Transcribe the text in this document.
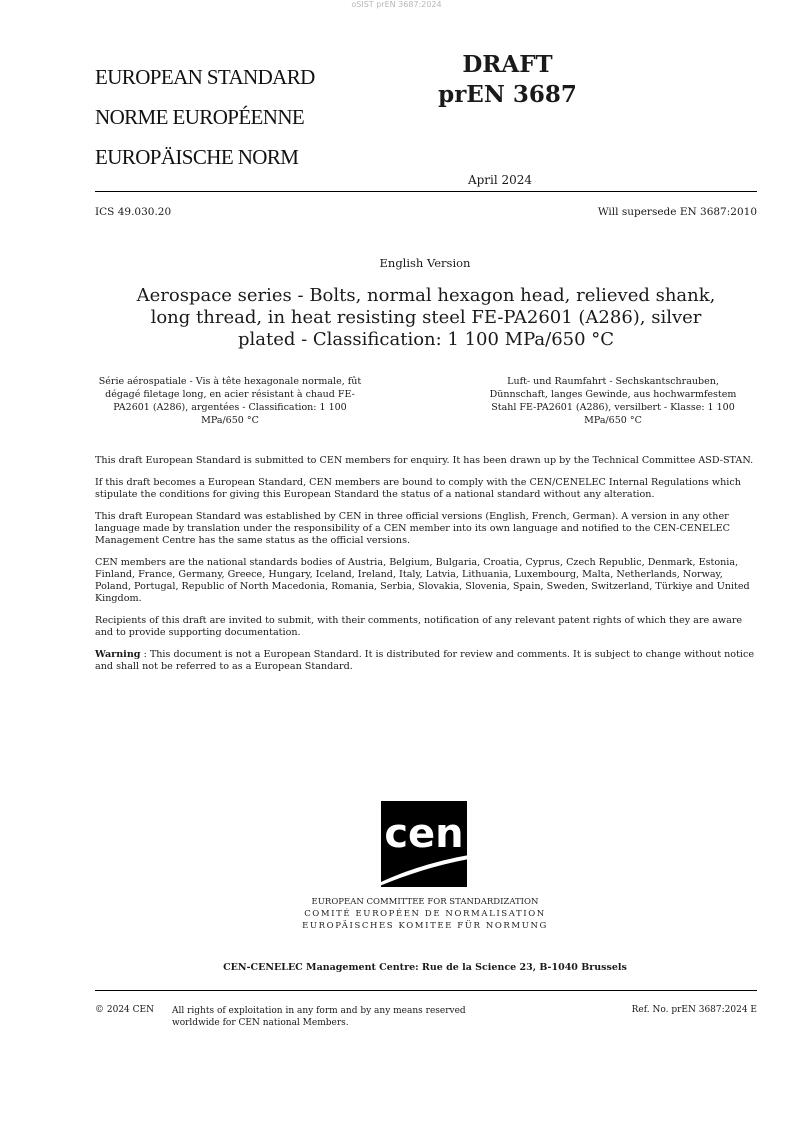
oSIST prEN 3687:2024
EUROPEAN STANDARD
NORME EUROPÉENNE
EUROPÄISCHE NORM
DRAFT
prEN 3687
April 2024
ICS 49.030.20	Will supersede EN 3687:2010
English Version
Aerospace series - Bolts, normal hexagon head, relieved shank, long thread, in heat resisting steel FE-PA2601 (A286), silver plated - Classification: 1 100 MPa/650 °C
Série aérospatiale - Vis à tête hexagonale normale, fût dégagé filetage long, en acier résistant à chaud FE-PA2601 (A286), argentées - Classification: 1 100 MPa/650 °C
Luft- und Raumfahrt - Sechskantschrauben, Dünnschaft, langes Gewinde, aus hochwarmfestem Stahl FE-PA2601 (A286), versilbert - Klasse: 1 100 MPa/650 °C

This draft European Standard is submitted to CEN members for enquiry. It has been drawn up by the Technical Committee ASD-STAN.

If this draft becomes a European Standard, CEN members are bound to comply with the CEN/CENELEC Internal Regulations which stipulate the conditions for giving this European Standard the status of a national standard without any alteration.

This draft European Standard was established by CEN in three official versions (English, French, German). A version in any other language made by translation under the responsibility of a CEN member into its own language and notified to the CEN-CENELEC Management Centre has the same status as the official versions.

CEN members are the national standards bodies of Austria, Belgium, Bulgaria, Croatia, Cyprus, Czech Republic, Denmark, Estonia, Finland, France, Germany, Greece, Hungary, Iceland, Ireland, Italy, Latvia, Lithuania, Luxembourg, Malta, Netherlands, Norway, Poland, Portugal, Republic of North Macedonia, Romania, Serbia, Slovakia, Slovenia, Spain, Sweden, Switzerland, Türkiye and United Kingdom.

Recipients of this draft are invited to submit, with their comments, notification of any relevant patent rights of which they are aware and to provide supporting documentation.

Warning : This document is not a European Standard. It is distributed for review and comments. It is subject to change without notice and shall not be referred to as a European Standard.

cen
EUROPEAN COMMITTEE FOR STANDARDIZATION
COMITÉ EUROPÉEN DE NORMALISATION
EUROPÄISCHES KOMITEE FÜR NORMUNG
CEN-CENELEC Management Centre: Rue de la Science 23, B-1040 Brussels
© 2024 CEN All rights of exploitation in any form and by any means reserved
worldwide for CEN national Members.
Ref. No. prEN 3687:2024 E
